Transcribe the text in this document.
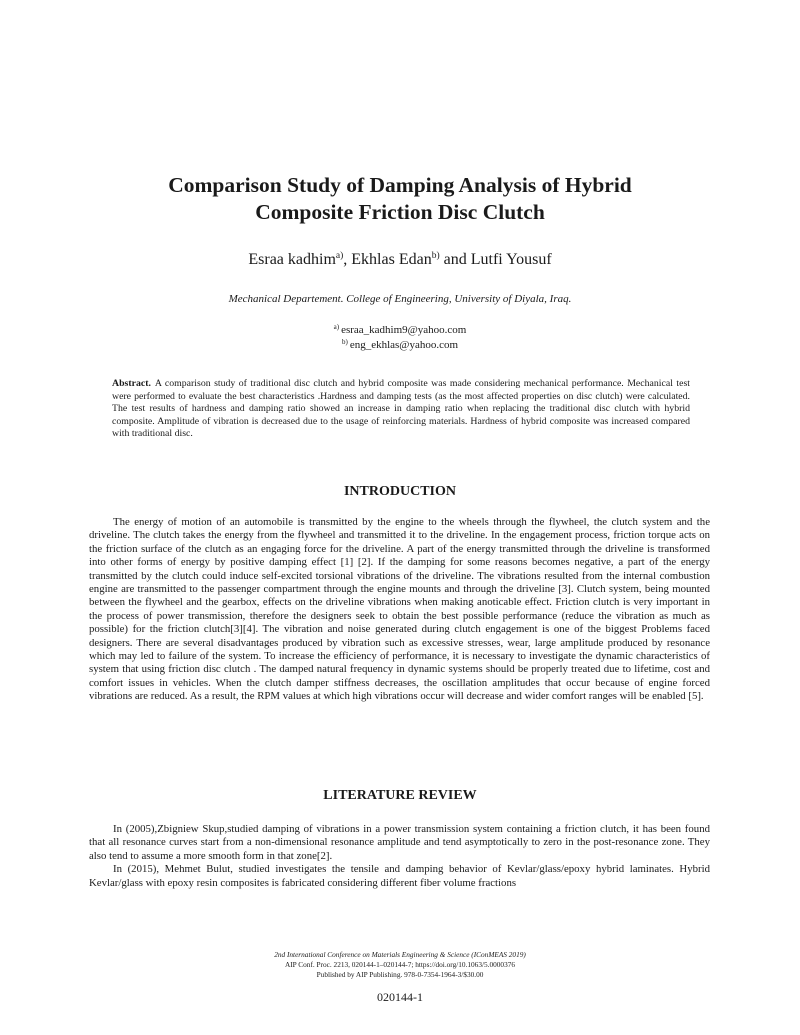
Comparison Study of Damping Analysis of Hybrid
Composite Friction Disc Clutch

Esraa kadhim$^{a)}$, Ekhlas Edan$^{b)}$ and Lutfi Yousuf

Mechanical Departement. College of Engineering, University of Diyala, Iraq.

$^{a)}$ esraa_kadhim9@yahoo.com
$^{b)}$ eng_ekhlas@yahoo.com

Abstract. A comparison study of traditional disc clutch and hybrid composite was made considering mechanical performance. Mechanical test were performed to evaluate the best characteristics .Hardness and damping tests (as the most affected properties on disc clutch) were calculated. The test results of hardness and damping ratio showed an increase in damping ratio when replacing the traditional disc clutch with hybrid composite. Amplitude of vibration is decreased due to the usage of reinforcing materials. Hardness of hybrid composite was increased compared with traditional disc.

INTRODUCTION

The energy of motion of an automobile is transmitted by the engine to the wheels through the flywheel, the clutch system and the driveline. The clutch takes the energy from the flywheel and transmitted it to the driveline. In the engagement process, friction torque acts on the friction surface of the clutch as an engaging force for the driveline. A part of the energy transmitted through the driveline is transformed into other forms of energy by positive damping effect [1] [2]. If the damping for some reasons becomes negative, a part of the energy transmitted by the clutch could induce self-excited torsional vibrations of the driveline. The vibrations resulted from the internal combustion engine are transmitted to the passenger compartment through the engine mounts and through the driveline [3]. Clutch system, being mounted between the flywheel and the gearbox, effects on the driveline vibrations when making anoticable effect. Friction clutch is very important in the process of power transmission, therefore the designers seek to obtain the best possible performance (reduce the vibration as much as possible) for the friction clutch[3][4]. The vibration and noise generated during clutch engagement is one of the biggest Problems faced designers. There are several disadvantages produced by vibration such as excessive stresses, wear, large amplitude produced by resonance which may led to failure of the system. To increase the efficiency of performance, it is necessary to investigate the dynamic characteristics of system that using friction disc clutch . The damped natural frequency in dynamic systems should be properly treated due to lifetime, cost and comfort issues in vehicles. When the clutch damper stiffness decreases, the oscillation amplitudes that occur because of engine forced vibrations are reduced. As a result, the RPM values at which high vibrations occur will decrease and wider comfort ranges will be enabled [5].

LITERATURE REVIEW

In (2005),Zbigniew Skup,studied damping of vibrations in a power transmission system containing a friction clutch, it has been found that all resonance curves start from a non-dimensional resonance amplitude and tend asymptotically to zero in the post-resonance zone. They also tend to assume a more smooth form in that zone[2].

In (2015), Mehmet Bulut, studied investigates the tensile and damping behavior of Kevlar/glass/epoxy hybrid laminates. Hybrid Kevlar/glass with epoxy resin composites is fabricated considering different fiber volume fractions

2nd International Conference on Materials Engineering & Science (IConMEAS 2019)
AIP Conf. Proc. 2213, 020144-1–020144-7; https://doi.org/10.1063/5.0000376
Published by AIP Publishing. 978-0-7354-1964-3/$30.00

020144-1
